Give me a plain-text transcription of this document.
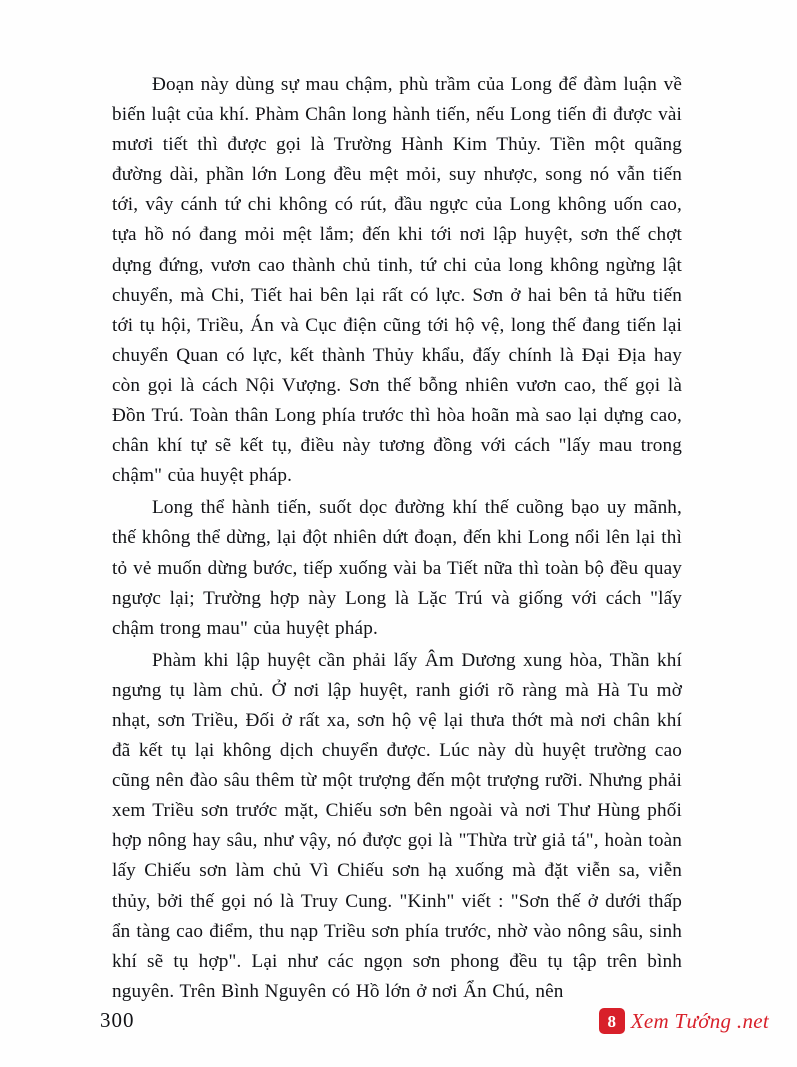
Đoạn này dùng sự mau chậm, phù trầm của Long để đàm luận về biến luật của khí. Phàm Chân long hành tiến, nếu Long tiến đi được vài mươi tiết thì được gọi là Trường Hành Kim Thủy. Tiền một quãng đường dài, phần lớn Long đều mệt mỏi, suy nhược, song nó vẫn tiến tới, vây cánh tứ chi không có rút, đầu ngực của Long không uốn cao, tựa hồ nó đang mỏi mệt lắm; đến khi tới nơi lập huyệt, sơn thế chợt dựng đứng, vươn cao thành chủ tinh, tứ chi của long không ngừng lật chuyển, mà Chi, Tiết hai bên lại rất có lực. Sơn ở hai bên tả hữu tiến tới tụ hội, Triều, Án và Cục điện cũng tới hộ vệ, long thế đang tiến lại chuyển Quan có lực, kết thành Thủy khẩu, đấy chính là Đại Địa hay còn gọi là cách Nội Vượng. Sơn thế bỗng nhiên vươn cao, thế gọi là Đồn Trú. Toàn thân Long phía trước thì hòa hoãn mà sao lại dựng cao, chân khí tự sẽ kết tụ, điều này tương đồng với cách "lấy mau trong chậm" của huyệt pháp.

Long thể hành tiến, suốt dọc đường khí thế cuồng bạo uy mãnh, thế không thể dừng, lại đột nhiên dứt đoạn, đến khi Long nổi lên lại thì tỏ vẻ muốn dừng bước, tiếp xuống vài ba Tiết nữa thì toàn bộ đều quay ngược lại; Trường hợp này Long là Lặc Trú và giống với cách "lấy chậm trong mau" của huyệt pháp.

Phàm khi lập huyệt cần phải lấy Âm Dương xung hòa, Thần khí ngưng tụ làm chủ. Ở nơi lập huyệt, ranh giới rõ ràng mà Hà Tu mờ nhạt, sơn Triều, Đối ở rất xa, sơn hộ vệ lại thưa thớt mà nơi chân khí đã kết tụ lại không dịch chuyển được. Lúc này dù huyệt trường cao cũng nên đào sâu thêm từ một trượng đến một trượng rưỡi. Nhưng phải xem Triều sơn trước mặt, Chiếu sơn bên ngoài và nơi Thư Hùng phối hợp nông hay sâu, như vậy, nó được gọi là "Thừa trừ giả tá", hoàn toàn lấy Chiếu sơn làm chủ Vì Chiếu sơn hạ xuống mà đặt viễn sa, viễn thủy, bởi thế gọi nó là Truy Cung. "Kinh" viết : "Sơn thế ở dưới thấp ẩn tàng cao điểm, thu nạp Triều sơn phía trước, nhờ vào nông sâu, sinh khí sẽ tụ hợp". Lại như các ngọn sơn phong đều tụ tập trên bình nguyên. Trên Bình Nguyên có Hồ lớn ở nơi Ẩn Chú, nên

300	8 Xem Tướng .net
